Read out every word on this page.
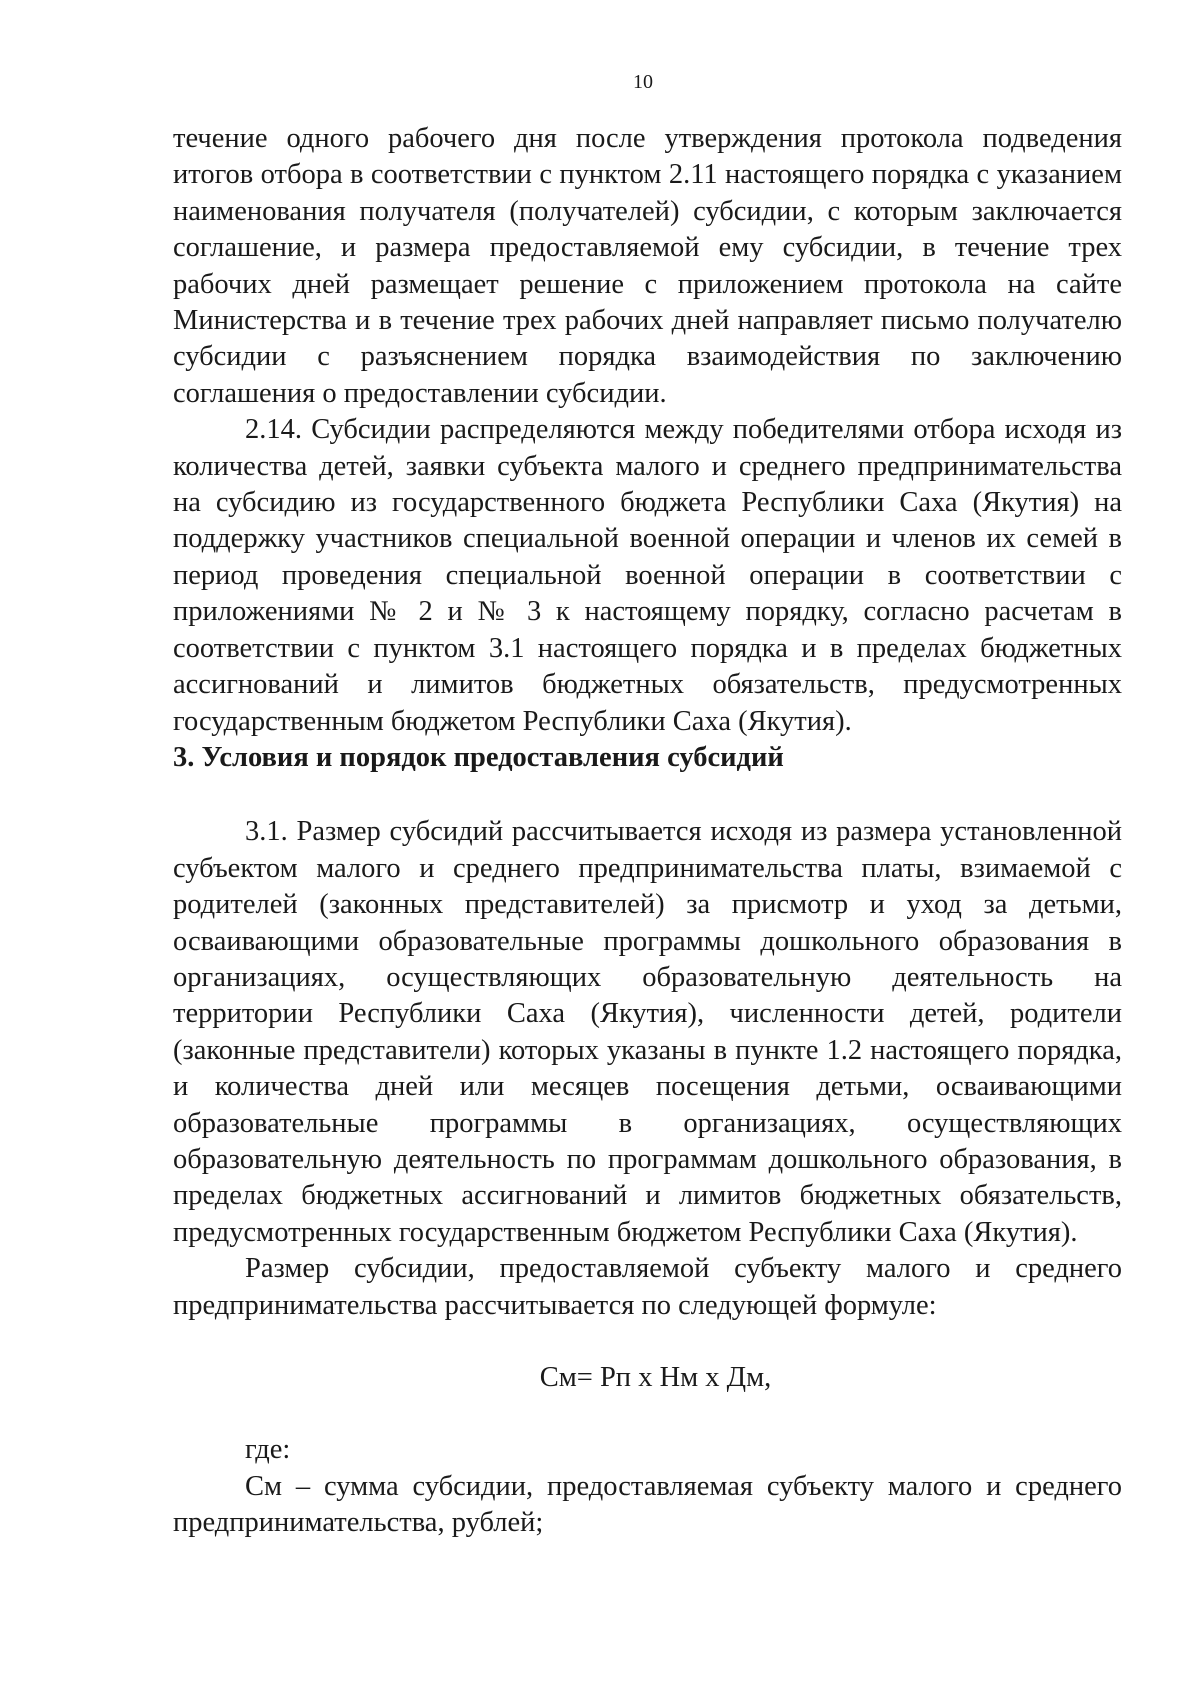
10

течение одного рабочего дня после утверждения протокола подведения итогов отбора в соответствии с пунктом 2.11 настоящего порядка с указанием наименования получателя (получателей) субсидии, с которым заключается соглашение, и размера предоставляемой ему субсидии, в течение трех рабочих дней размещает решение с приложением протокола на сайте Министерства и в течение трех рабочих дней направляет письмо получателю субсидии с разъяснением порядка взаимодействия по заключению соглашения о предоставлении субсидии.

2.14. Субсидии распределяются между победителями отбора исходя из количества детей, заявки субъекта малого и среднего предпринимательства на субсидию из государственного бюджета Республики Саха (Якутия) на поддержку участников специальной военной операции и членов их семей в период проведения специальной военной операции в соответствии с приложениями № 2 и № 3 к настоящему порядку, согласно расчетам в соответствии с пунктом 3.1 настоящего порядка и в пределах бюджетных ассигнований и лимитов бюджетных обязательств, предусмотренных государственным бюджетом Республики Саха (Якутия).

3. Условия и порядок предоставления субсидий

3.1. Размер субсидий рассчитывается исходя из размера установленной субъектом малого и среднего предпринимательства платы, взимаемой с родителей (законных представителей) за присмотр и уход за детьми, осваивающими образовательные программы дошкольного образования в организациях, осуществляющих образовательную деятельность на территории Республики Саха (Якутия), численности детей, родители (законные представители) которых указаны в пункте 1.2 настоящего порядка, и количества дней или месяцев посещения детьми, осваивающими образовательные программы в организациях, осуществляющих образовательную деятельность по программам дошкольного образования, в пределах бюджетных ассигнований и лимитов бюджетных обязательств, предусмотренных государственным бюджетом Республики Саха (Якутия).

Размер субсидии, предоставляемой субъекту малого и среднего предпринимательства рассчитывается по следующей формуле:

См= Рп х Нм х Дм,

где:

См – сумма субсидии, предоставляемая субъекту малого и среднего предпринимательства, рублей;
